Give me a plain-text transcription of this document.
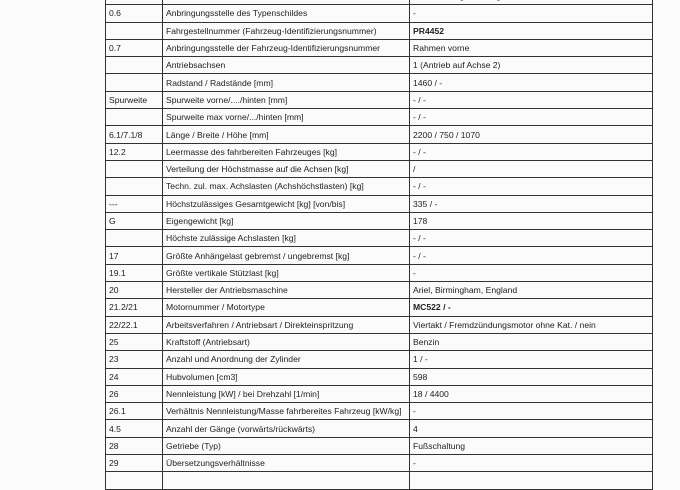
0.6	Anbringungsstelle des Typenschildes	-
	Fahrgestellnummer (Fahrzeug-Identifizierungsnummer)	PR4452
0.7	Anbringungsstelle der Fahrzeug-Identifizierungsnummer	Rahmen vorne
	Antriebsachsen	1 (Antrieb auf Achse 2)
	Radstand / Radstände [mm]	1460 / -
Spurweite	Spurweite vorne/..../hinten [mm]	- / -
	Spurweite max vorne/.../hinten [mm]	- / -
6.1/7.1/8	Länge / Breite / Höhe [mm]	2200 / 750 / 1070
12.2	Leermasse des fahrbereiten Fahrzeuges [kg]	- / -
	Verteilung der Höchstmasse auf die Achsen [kg]	/
	Techn. zul. max. Achslasten (Achshöchstlasten) [kg]	- / -
---	Höchstzulässiges Gesamtgewicht [kg] [von/bis]	335 / -
G	Eigengewicht [kg]	178
	Höchste zulässige Achslasten [kg]	- / -
17	Größte Anhängelast gebremst / ungebremst [kg]	- / -
19.1	Größte vertikale Stützlast [kg]	-
20	Hersteller der Antriebsmaschine	Ariel, Birmingham, England
21.2/21	Motornummer / Motortype	MC522 / -
22/22.1	Arbeitsverfahren / Antriebsart / Direkteinspritzung	Viertakt / Fremdzündungsmotor ohne Kat. / nein
25	Kraftstoff (Antriebsart)	Benzin
23	Anzahl und Anordnung der Zylinder	1 / -
24	Hubvolumen [cm3]	598
26	Nennleistung [kW] / bei Drehzahl [1/min]	18 / 4400
26.1	Verhältnis Nennleistung/Masse fahrbereites Fahrzeug [kW/kg]	-
4.5	Anzahl der Gänge (vorwärts/rückwärts)	4
28	Getriebe (Typ)	Fußschaltung
29	Übersetzungsverhältnisse	-
